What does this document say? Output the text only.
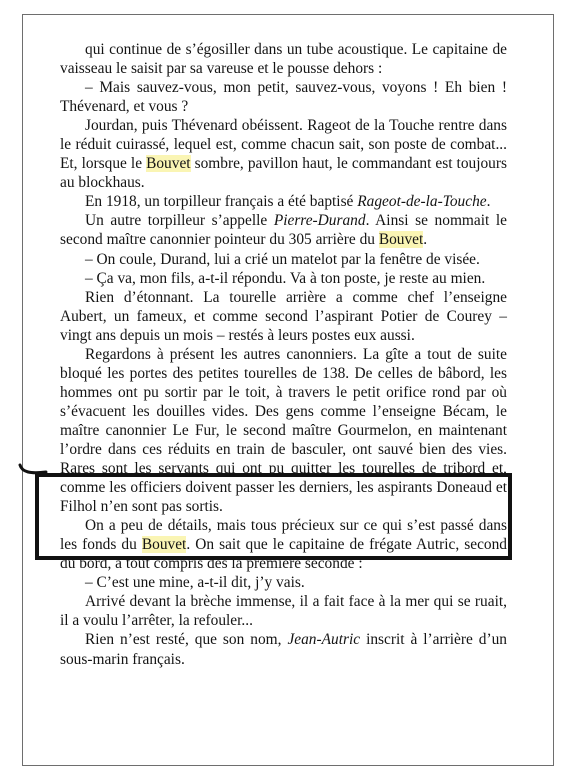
qui continue de s’égosiller dans un tube acoustique. Le capitaine de vaisseau le saisit par sa vareuse et le pousse dehors :

– Mais sauvez-vous, mon petit, sauvez-vous, voyons ! Eh bien ! Thévenard, et vous ?

Jourdan, puis Thévenard obéissent. Rageot de la Touche rentre dans le réduit cuirassé, lequel est, comme chacun sait, son poste de combat... Et, lorsque le Bouvet sombre, pavillon haut, le commandant est toujours au blockhaus.

En 1918, un torpilleur français a été baptisé Rageot-de-la-Touche.

Un autre torpilleur s’appelle Pierre-Durand. Ainsi se nommait le second maître canonnier pointeur du 305 arrière du Bouvet.

– On coule, Durand, lui a crié un matelot par la fenêtre de visée.

– Ça va, mon fils, a-t-il répondu. Va à ton poste, je reste au mien.

Rien d’étonnant. La tourelle arrière a comme chef l’enseigne Aubert, un fameux, et comme second l’aspirant Potier de Courey – vingt ans depuis un mois – restés à leurs postes eux aussi.

Regardons à présent les autres canonniers. La gîte a tout de suite bloqué les portes des petites tourelles de 138. De celles de bâbord, les hommes ont pu sortir par le toit, à travers le petit orifice rond par où s’évacuent les douilles vides. Des gens comme l’enseigne Bécam, le maître canonnier Le Fur, le second maître Gourmelon, en maintenant l’ordre dans ces réduits en train de basculer, ont sauvé bien des vies. Rares sont les servants qui ont pu quitter les tourelles de tribord et, comme les officiers doivent passer les derniers, les aspirants Doneaud et Filhol n’en sont pas sortis.

On a peu de détails, mais tous précieux sur ce qui s’est passé dans les fonds du Bouvet. On sait que le capitaine de frégate Autric, second du bord, a tout compris dès la première seconde :

– C’est une mine, a-t-il dit, j’y vais.

Arrivé devant la brèche immense, il a fait face à la mer qui se ruait, il a voulu l’arrêter, la refouler...

Rien n’est resté, que son nom, Jean-Autric inscrit à l’arrière d’un sous-marin français.
